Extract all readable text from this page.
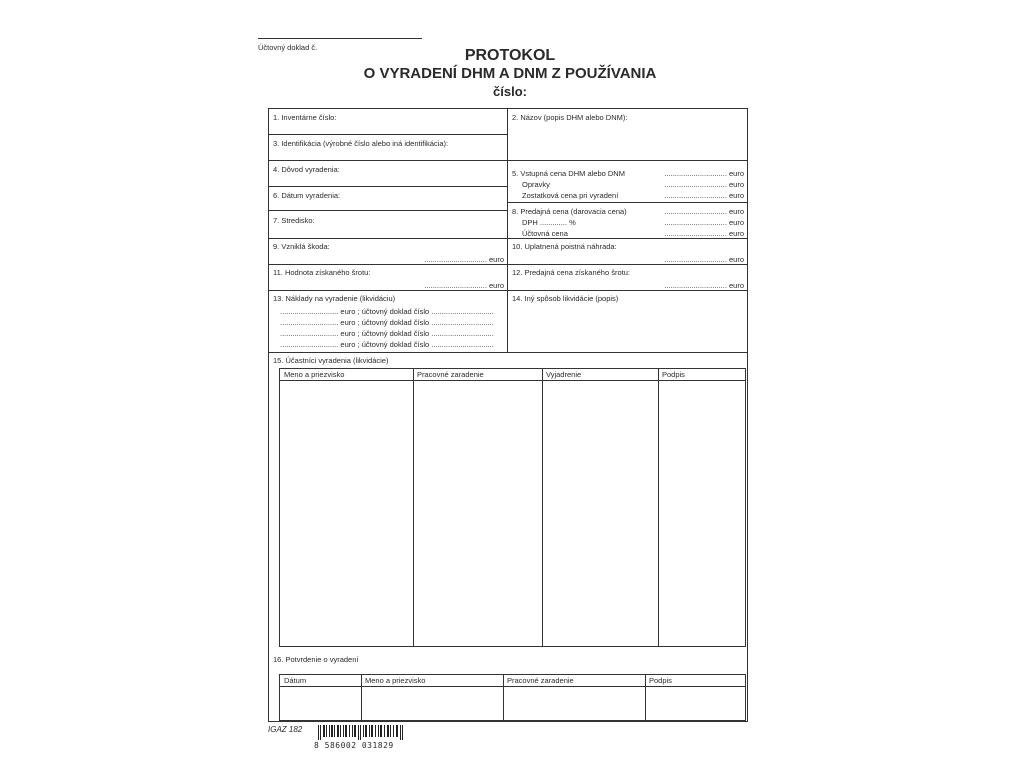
Účtovný doklad č.	PROTOKOL
O VYRADENÍ DHM A DNM Z POUŽÍVANIA
číslo:
1. Inventárne číslo:
3. Identifikácia (výrobné číslo alebo iná identifikácia):
4. Dôvod vyradenia:
6. Dátum vyradenia:
7. Stredisko:
9. Vzniklá škoda:
.............................. euro
11. Hodnota získaného šrotu:
.............................. euro
13. Náklady na vyradenie (likvidáciu)
............................ euro ; účtovný doklad číslo ..............................
............................ euro ; účtovný doklad číslo ..............................
............................ euro ; účtovný doklad číslo ..............................
............................ euro ; účtovný doklad číslo ..............................
2. Názov (popis DHM alebo DNM):
5. Vstupná cena DHM alebo DNM	.............................. euro
Opravky	.............................. euro
Zostatková cena pri vyradení	.............................. euro
8. Predajná cena (darovacia cena)	.............................. euro
DPH ............. %	.............................. euro
Účtovná cena	.............................. euro
10. Uplatnená poistná náhrada:
.............................. euro
12. Predajná cena získaného šrotu:
.............................. euro
14. Iný spôsob likvidácie (popis)
15. Účastníci vyradenia (likvidácie)
Meno a priezvisko	Pracovné zaradenie	Vyjadrenie	Podpis
16. Potvrdenie o vyradení
Dátum	Meno a priezvisko	Pracovné zaradenie	Podpis
IGAZ 182
8 586002 031829
